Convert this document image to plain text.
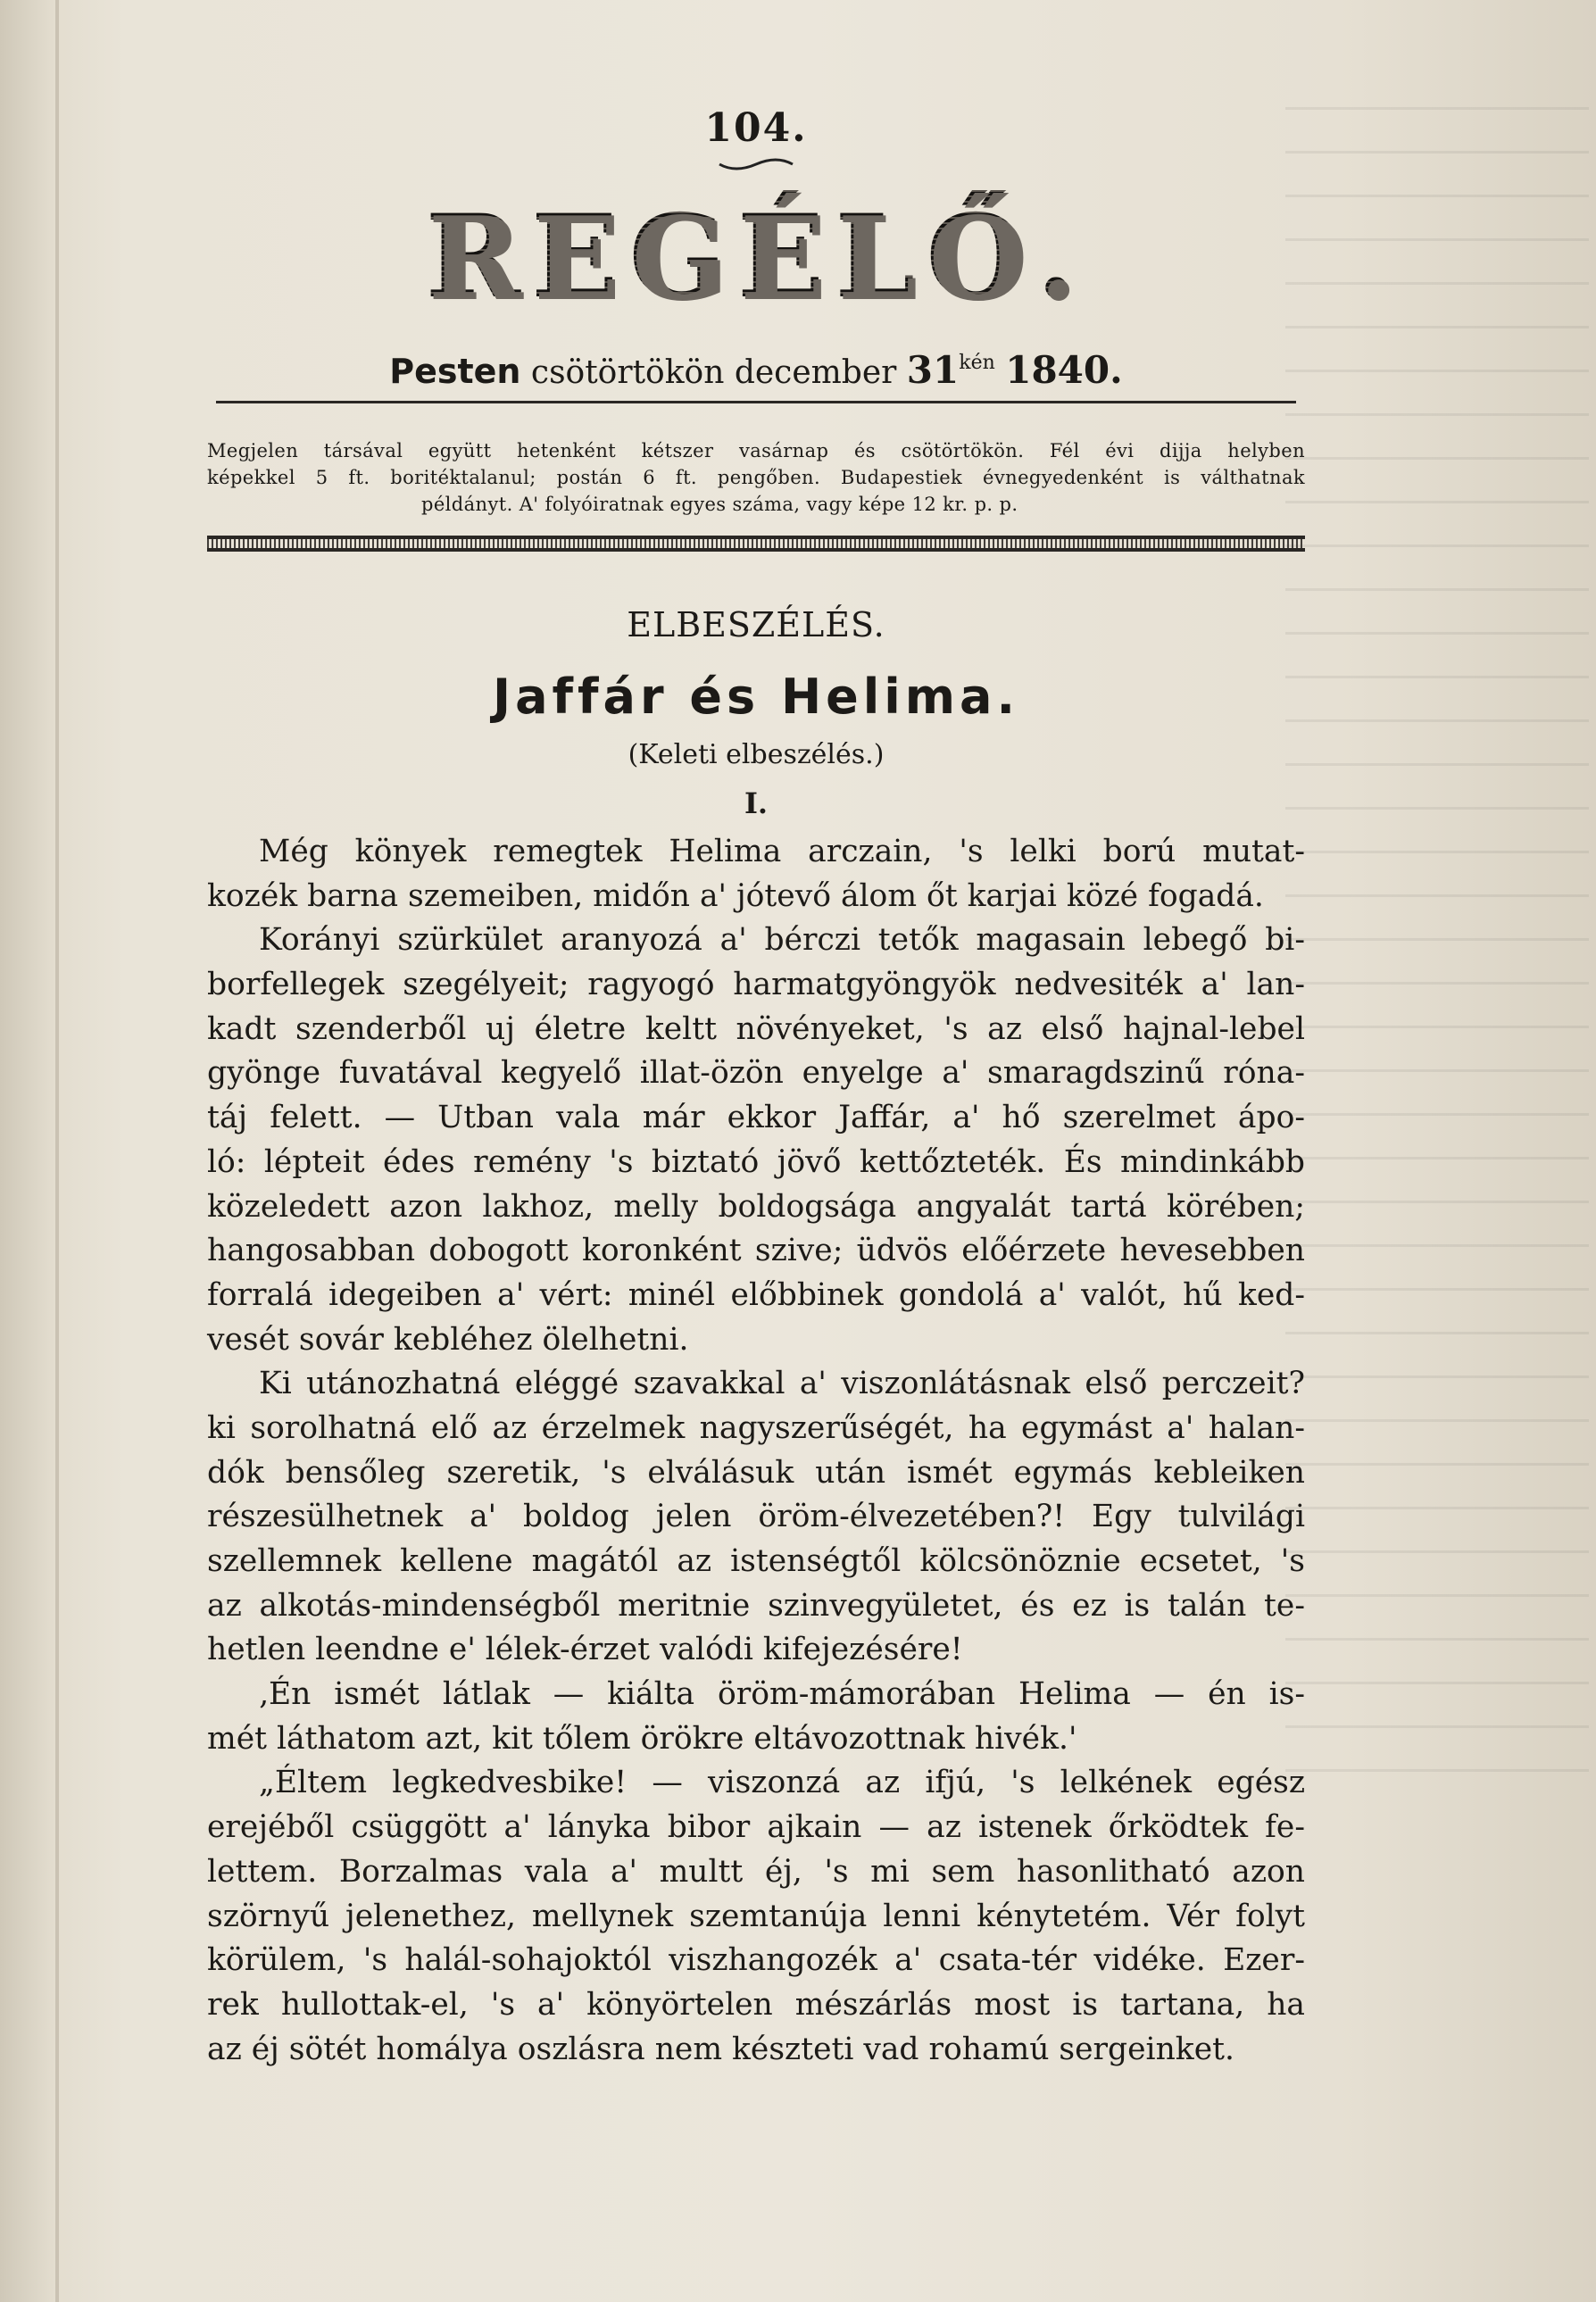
104.
REGÉLŐ.
Pesten csötörtökön december $31^{kén}$ 1840.

Megjelen társával együtt hetenként kétszer vasárnap és csötörtökön. Fél évi dijja helyben

képekkel 5 ft. boritéktalanul; postán 6 ft. pengőben. Budapestiek évnegyedenként is válthatnak

példányt. A' folyóiratnak egyes száma, vagy képe 12 kr. p. p.

ELBESZÉLÉS.
Jaffár és Helima.
(Keleti elbeszélés.)
I.
Még könyek remegtek Helima arczain, 's lelki ború mutat-
kozék barna szemeiben, midőn a' jótevő álom őt karjai közé fogadá.
Korányi szürkület aranyozá a' bérczi tetők magasain lebegő bi-
borfellegek szegélyeit; ragyogó harmatgyöngyök nedvesiték a' lan-
kadt szenderből uj életre keltt növényeket, 's az első hajnal-lebel
gyönge fuvatával kegyelő illat-özön enyelge a' smaragdszinű róna-
táj felett. — Utban vala már ekkor Jaffár, a' hő szerelmet ápo-
ló: lépteit édes remény 's biztató jövő kettőzteték. És mindinkább
közeledett azon lakhoz, melly boldogsága angyalát tartá körében;
hangosabban dobogott koronként szive; üdvös előérzete hevesebben
forralá idegeiben a' vért: minél előbbinek gondolá a' valót, hű ked-
vesét sovár kebléhez ölelhetni.
Ki utánozhatná eléggé szavakkal a' viszonlátásnak első perczeit?
ki sorolhatná elő az érzelmek nagyszerűségét, ha egymást a' halan-
dók bensőleg szeretik, 's elválásuk után ismét egymás kebleiken
részesülhetnek a' boldog jelen öröm-élvezetében?! Egy tulvilági
szellemnek kellene magától az istenségtől kölcsönöznie ecsetet, 's
az alkotás-mindenségből meritnie szinvegyületet, és ez is talán te-
hetlen leendne e' lélek-érzet valódi kifejezésére!
‚Én ismét látlak — kiálta öröm-mámorában Helima — én is-
mét láthatom azt, kit tőlem örökre eltávozottnak hivék.'
„Éltem legkedvesbike! — viszonzá az ifjú, 's lelkének egész
erejéből csüggött a' lányka bibor ajkain — az istenek őrködtek fe-
lettem. Borzalmas vala a' multt éj, 's mi sem hasonlitható azon
szörnyű jelenethez, mellynek szemtanúja lenni kénytetém. Vér folyt
körülem, 's halál-sohajoktól viszhangozék a' csata-tér vidéke. Ezer-
rek hullottak-el, 's a' könyörtelen mészárlás most is tartana, ha
az éj sötét homálya oszlásra nem készteti vad rohamú sergeinket.
